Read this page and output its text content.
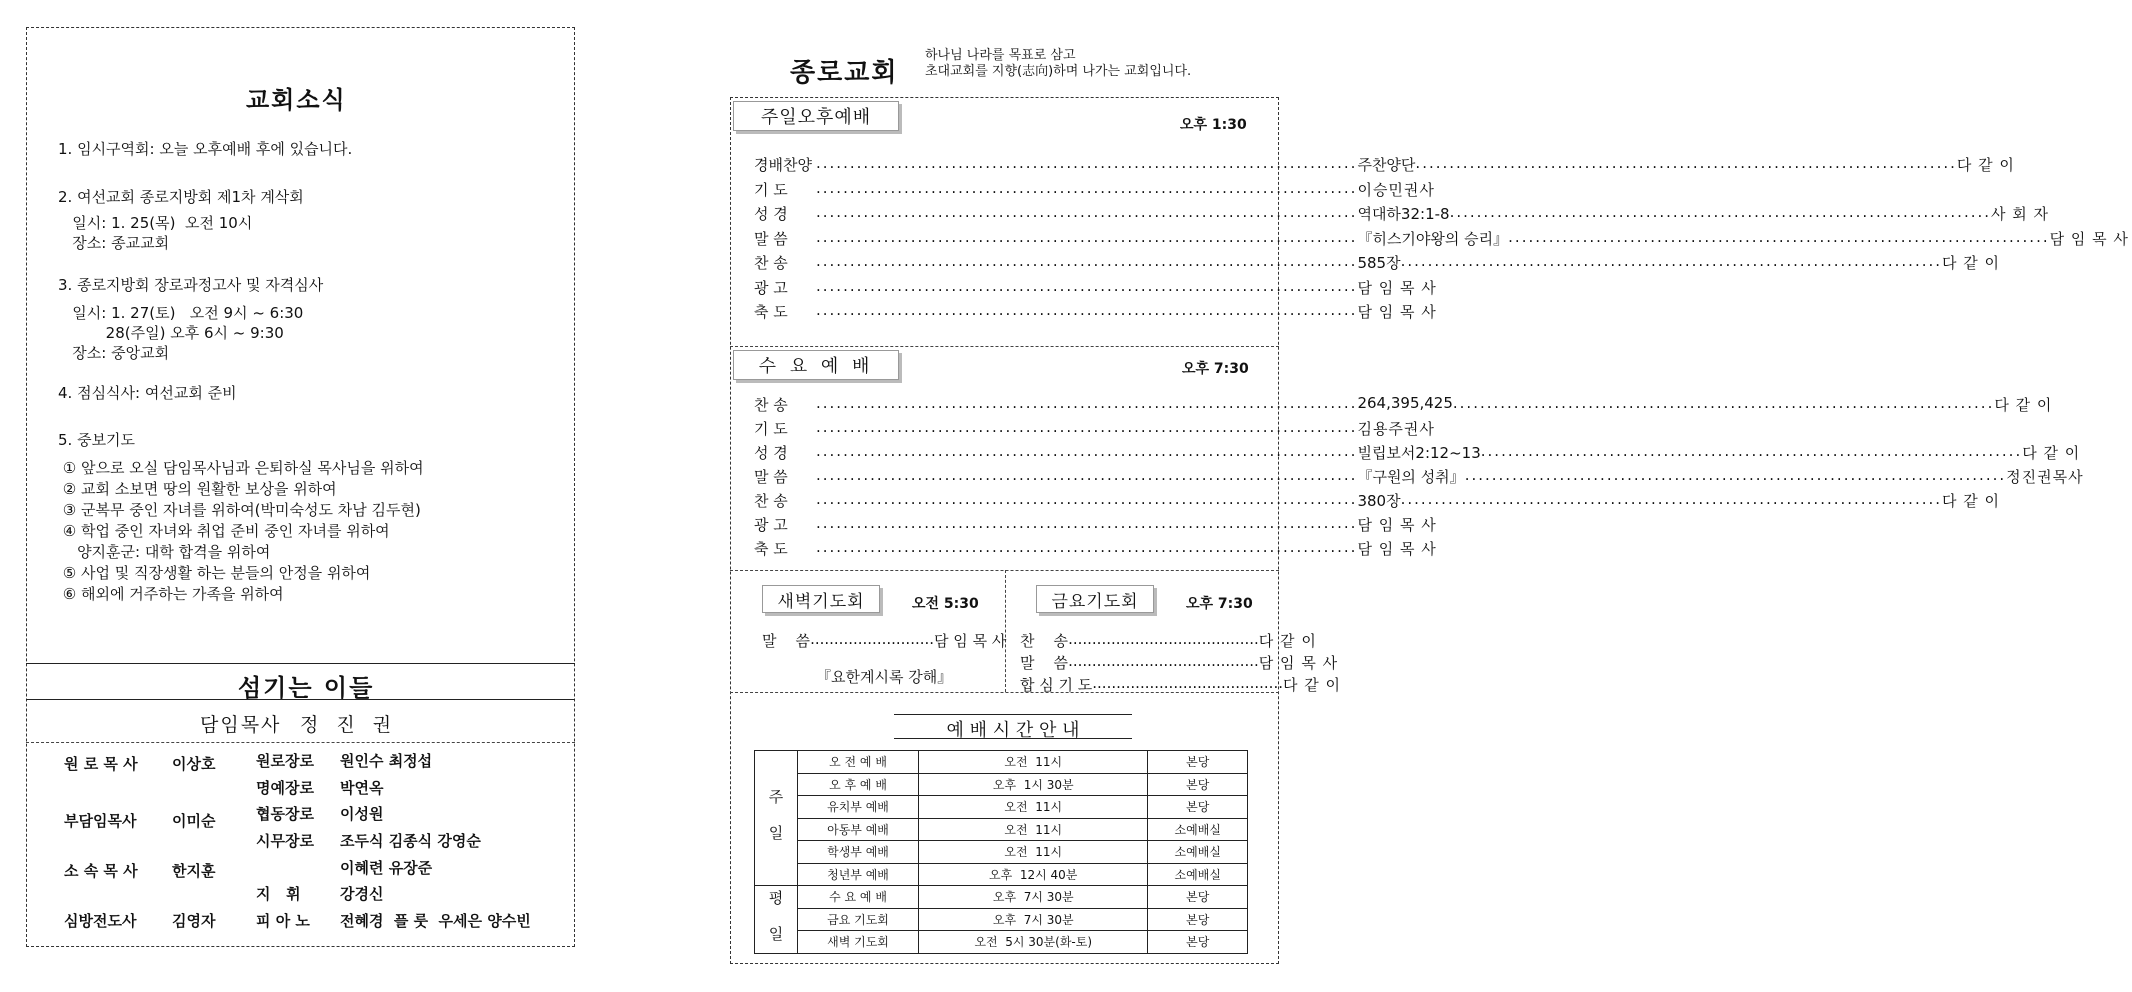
교회소식
1. 임시구역회: 오늘 오후예배 후에 있습니다.
2. 여선교회 종로지방회 제1차 계삭회
일시: 1. 25(목)  오전 10시
장소: 종교교회
3. 종로지방회 장로과정고사 및 자격심사
일시: 1. 27(토)   오전 9시 ~ 6:30
28(주일) 오후 6시 ~ 9:30
장소: 중앙교회
4. 점심식사: 여선교회 준비
5. 중보기도
① 앞으로 오실 담임목사님과 은퇴하실 목사님을 위하여
② 교회 소보면 땅의 원활한 보상을 위하여
③ 군복무 중인 자녀를 위하여(박미숙성도 차남 김두현)
④ 학업 중인 자녀와 취업 준비 중인 자녀를 위하여
양지훈군: 대학 합격을 위하여
⑤ 사업 및 직장생활 하는 분들의 안정을 위하여
⑥ 해외에 거주하는 가족을 위하여
섬기는 이들
담임목사 정 진 권
원 로 목 사 이상호	원로장로 원인수 최정섭
명예장로 박연옥
부담임목사 이미순	협동장로 이성원
시무장로 조두식 김종식 강영순
소 속 목 사 한지훈	이혜련 유장준
지   휘	강경신
심방전도사 김영자	피 아 노 전혜경  플 룻  우세은 양수빈
종로교회
하나님 나라를 목표로 삼고
초대교회를 지향(志向)하며 나가는 교회입니다.
주일오후예배	오후 1:30
경배찬양 ................................................................................ 주찬양단 ................................................................................ 다 같 이
기 도	................................................................................ 이승민권사
성 경	................................................................................ 역대하32:1-8 ................................................................................ 사 회 자
말 씀	................................................................................ 『히스기야왕의 승리』 ................................................................................ 담 임 목 사
찬 송	................................................................................ 585장 ................................................................................ 다 같 이
광 고	................................................................................ 담 임 목 사
축 도	................................................................................ 담 임 목 사
수 요 예 배	오후 7:30
찬 송	................................................................................ 264,395,425 ................................................................................ 다 같 이
기 도	................................................................................ 김용주권사
성 경	................................................................................ 빌립보서2:12~13 ................................................................................ 다 같 이
말 씀	................................................................................ 『구원의 성취』 ................................................................................ 정진권목사
찬 송	................................................................................ 380장 ................................................................................ 다 같 이
광 고	................................................................................ 담 임 목 사
축 도	................................................................................ 담 임 목 사
새벽기도회	오전 5:30
말    씀 .......................... 담 임 목 사
『요한계시록 강해』
금요기도회	오후 7:30
찬    송 ........................................ 다 같 이
말    씀 ........................................ 담 임 목 사
합 심 기 도 ........................................ 다 같 이
예 배 시 간 안 내
주 일	오 전 예 배	오전  11시	본당
	오 후 예 배	오후  1시 30분	본당
	유치부 예배	오전  11시	본당
	아동부 예배	오전  11시	소예배실
	학생부 예배	오전  11시	소예배실
	청년부 예배	오후  12시 40분	소예배실
평 일	수 요 예 배	오후  7시 30분	본당
	금요 기도회	오후  7시 30분	본당
	새벽 기도회	오전  5시 30분(화-토)	본당
